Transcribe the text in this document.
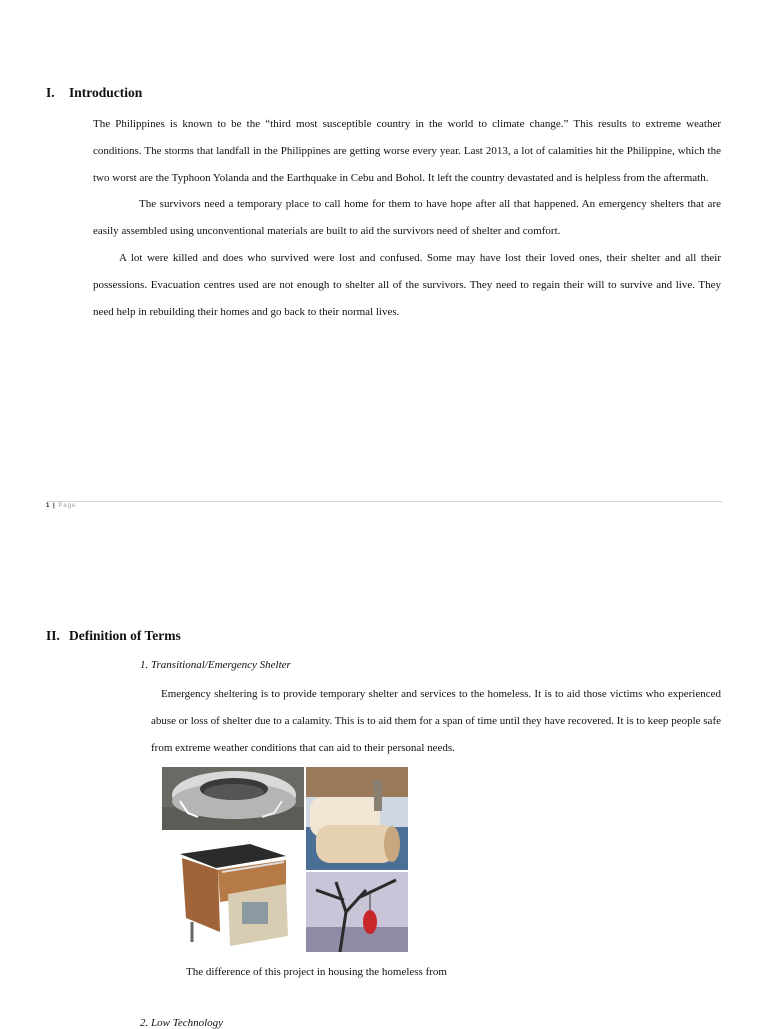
I. Introduction

The Philippines is known to be the “third most susceptible country in the world to climate change.” This results to extreme weather conditions. The storms that landfall in the Philippines are getting worse every year. Last 2013, a lot of calamities hit the Philippine, which the two worst are the Typhoon Yolanda and the Earthquake in Cebu and Bohol. It left the country devastated and is helpless from the aftermath.

The survivors need a temporary place to call home for them to have hope after all that happened. An emergency shelters that are easily assembled using unconventional materials are built to aid the survivors need of shelter and comfort.

A lot were killed and does who survived were lost and confused. Some may have lost their loved ones, their shelter and all their possessions. Evacuation centres used are not enough to shelter all of the survivors. They need to regain their will to survive and live. They need help in rebuilding their homes and go back to their normal lives.

1 | Page
II. Definition of Terms
1. Transitional/Emergency Shelter

Emergency sheltering is to provide temporary shelter and services to the homeless. It is to aid those victims who experienced abuse or loss of shelter due to a calamity. This is to aid them for a span of time until they have recovered. It is to keep people safe from extreme weather conditions that can aid to their personal needs.

The difference of this project in housing the homeless from
2. Low Technology
